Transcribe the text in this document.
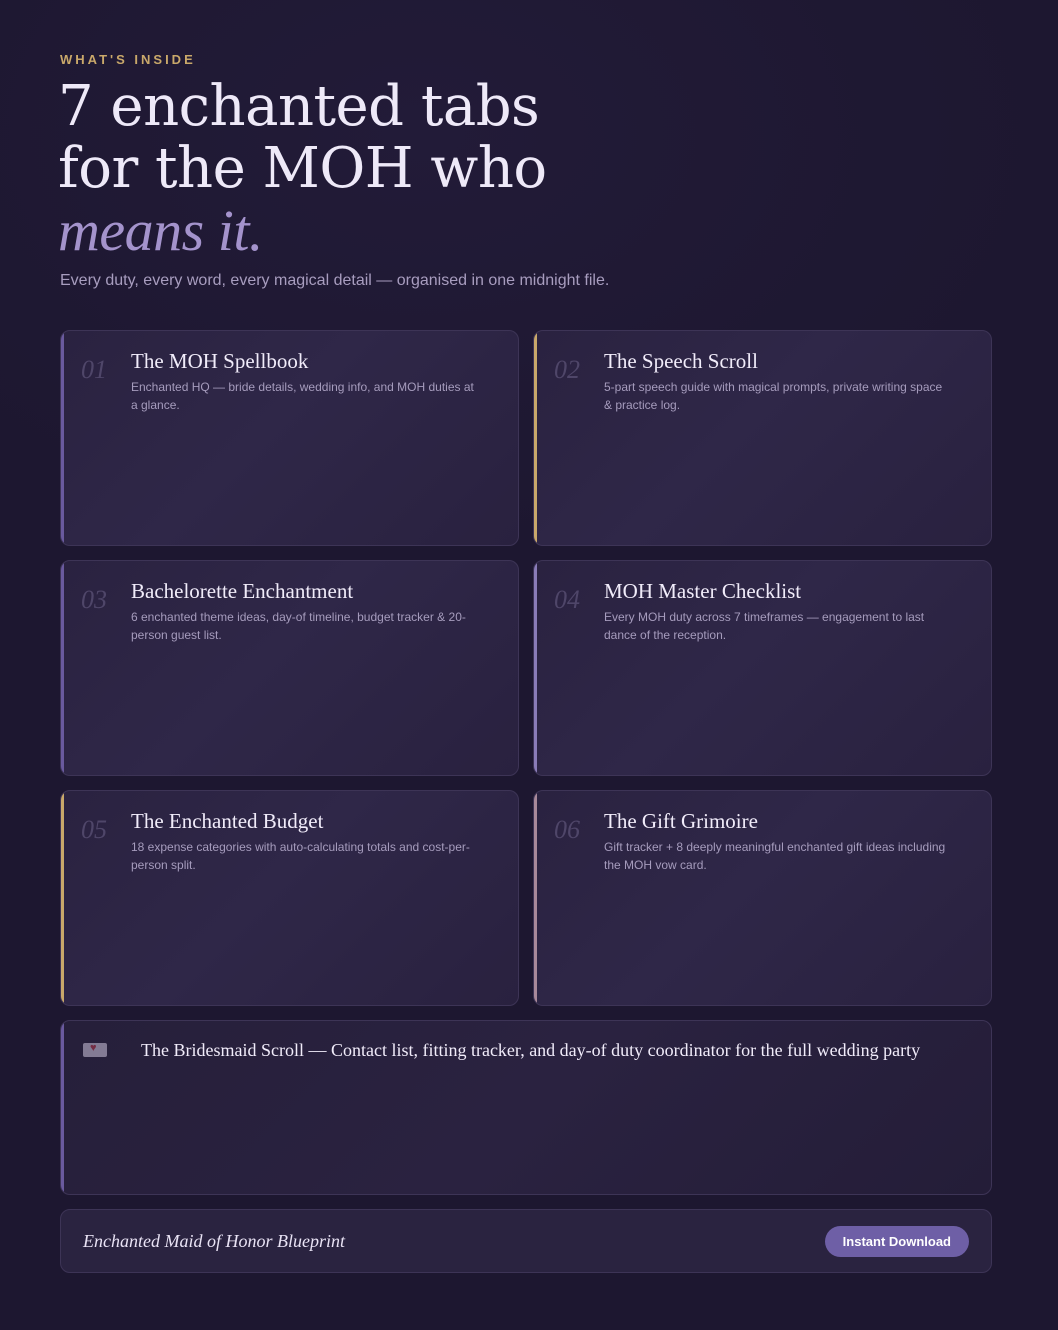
WHAT'S INSIDE
7 enchanted tabs
for the MOH who
means it.

Every duty, every word, every magical detail — organised in one midnight file.

01 The MOH Spellbook
Enchanted HQ — bride details, wedding info, and MOH duties at a glance.
02 The Speech Scroll
5-part speech guide with magical prompts, private writing space & practice log.
03 Bachelorette Enchantment
6 enchanted theme ideas, day-of timeline, budget tracker & 20-person guest list.
04 MOH Master Checklist
Every MOH duty across 7 timeframes — engagement to last dance of the reception.
05 The Enchanted Budget
18 expense categories with auto-calculating totals and cost-per-person split.
06 The Gift Grimoire
Gift tracker + 8 deeply meaningful enchanted gift ideas including the MOH vow card.
♥
The Bridesmaid Scroll — Contact list, fitting tracker, and day-of duty coordinator for the full wedding party
Enchanted Maid of Honor Blueprint	Instant Download
